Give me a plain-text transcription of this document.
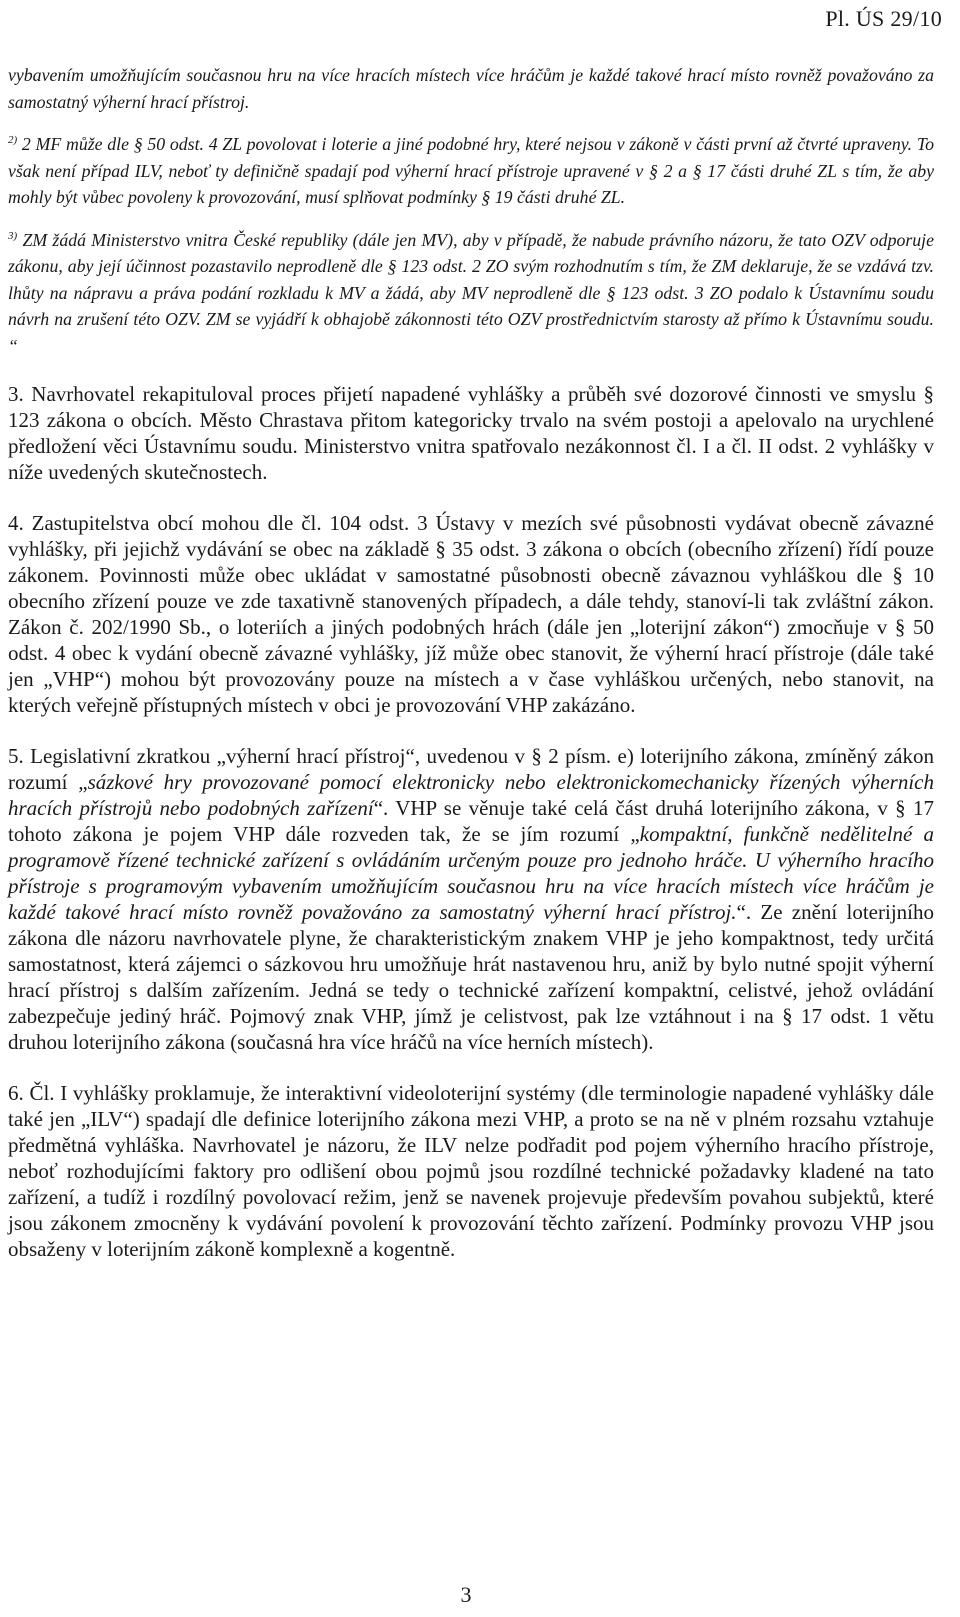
Pl. ÚS 29/10

vybavením umožňujícím současnou hru na více hracích místech více hráčům je každé takové hrací místo rovněž považováno za samostatný výherní hrací přístroj.

$^{2)}$ 2 MF může dle § 50 odst. 4 ZL povolovat i loterie a jiné podobné hry, které nejsou v zákoně v části první až čtvrté upraveny. To však není případ ILV, neboť ty definičně spadají pod výherní hrací přístroje upravené v § 2 a § 17 části druhé ZL s tím, že aby mohly být vůbec povoleny k provozování, musí splňovat podmínky § 19 části druhé ZL.

$^{3)}$ ZM žádá Ministerstvo vnitra České republiky (dále jen MV), aby v případě, že nabude právního názoru, že tato OZV odporuje zákonu, aby její účinnost pozastavilo neprodleně dle § 123 odst. 2 ZO svým rozhodnutím s tím, že ZM deklaruje, že se vzdává tzv. lhůty na nápravu a práva podání rozkladu k MV a žádá, aby MV neprodleně dle § 123 odst. 3 ZO podalo k Ústavnímu soudu návrh na zrušení této OZV. ZM se vyjádří k obhajobě zákonnosti této OZV prostřednictvím starosty až přímo k Ústavnímu soudu. “

3. Navrhovatel rekapituloval proces přijetí napadené vyhlášky a průběh své dozorové činnosti ve smyslu § 123 zákona o obcích. Město Chrastava přitom kategoricky trvalo na svém postoji a apelovalo na urychlené předložení věci Ústavnímu soudu. Ministerstvo vnitra spatřovalo nezákonnost čl. I a čl. II odst. 2 vyhlášky v níže uvedených skutečnostech.

4. Zastupitelstva obcí mohou dle čl. 104 odst. 3 Ústavy v mezích své působnosti vydávat obecně závazné vyhlášky, při jejichž vydávání se obec na základě § 35 odst. 3 zákona o obcích (obecního zřízení) řídí pouze zákonem. Povinnosti může obec ukládat v samostatné působnosti obecně závaznou vyhláškou dle § 10 obecního zřízení pouze ve zde taxativně stanovených případech, a dále tehdy, stanoví-li tak zvláštní zákon. Zákon č. 202/1990 Sb., o loteriích a jiných podobných hrách (dále jen „loterijní zákon“) zmocňuje v § 50 odst. 4 obec k vydání obecně závazné vyhlášky, jíž může obec stanovit, že výherní hrací přístroje (dále také jen „VHP“) mohou být provozovány pouze na místech a v čase vyhláškou určených, nebo stanovit, na kterých veřejně přístupných místech v obci je provozování VHP zakázáno.

5. Legislativní zkratkou „výherní hrací přístroj“, uvedenou v § 2 písm. e) loterijního zákona, zmíněný zákon rozumí „sázkové hry provozované pomocí elektronicky nebo elektronickomechanicky řízených výherních hracích přístrojů nebo podobných zařízení“. VHP se věnuje také celá část druhá loterijního zákona, v § 17 tohoto zákona je pojem VHP dále rozveden tak, že se jím rozumí „kompaktní, funkčně nedělitelné a programově řízené technické zařízení s ovládáním určeným pouze pro jednoho hráče. U výherního hracího přístroje s programovým vybavením umožňujícím současnou hru na více hracích místech více hráčům je každé takové hrací místo rovněž považováno za samostatný výherní hrací přístroj.“. Ze znění loterijního zákona dle názoru navrhovatele plyne, že charakteristickým znakem VHP je jeho kompaktnost, tedy určitá samostatnost, která zájemci o sázkovou hru umožňuje hrát nastavenou hru, aniž by bylo nutné spojit výherní hrací přístroj s dalším zařízením. Jedná se tedy o technické zařízení kompaktní, celistvé, jehož ovládání zabezpečuje jediný hráč. Pojmový znak VHP, jímž je celistvost, pak lze vztáhnout i na § 17 odst. 1 větu druhou loterijního zákona (současná hra více hráčů na více herních místech).

6. Čl. I vyhlášky proklamuje, že interaktivní videoloterijní systémy (dle terminologie napadené vyhlášky dále také jen „ILV“) spadají dle definice loterijního zákona mezi VHP, a proto se na ně v plném rozsahu vztahuje předmětná vyhláška. Navrhovatel je názoru, že ILV nelze podřadit pod pojem výherního hracího přístroje, neboť rozhodujícími faktory pro odlišení obou pojmů jsou rozdílné technické požadavky kladené na tato zařízení, a tudíž i rozdílný povolovací režim, jenž se navenek projevuje především povahou subjektů, které jsou zákonem zmocněny k vydávání povolení k provozování těchto zařízení. Podmínky provozu VHP jsou obsaženy v loterijním zákoně komplexně a kogentně.

3
